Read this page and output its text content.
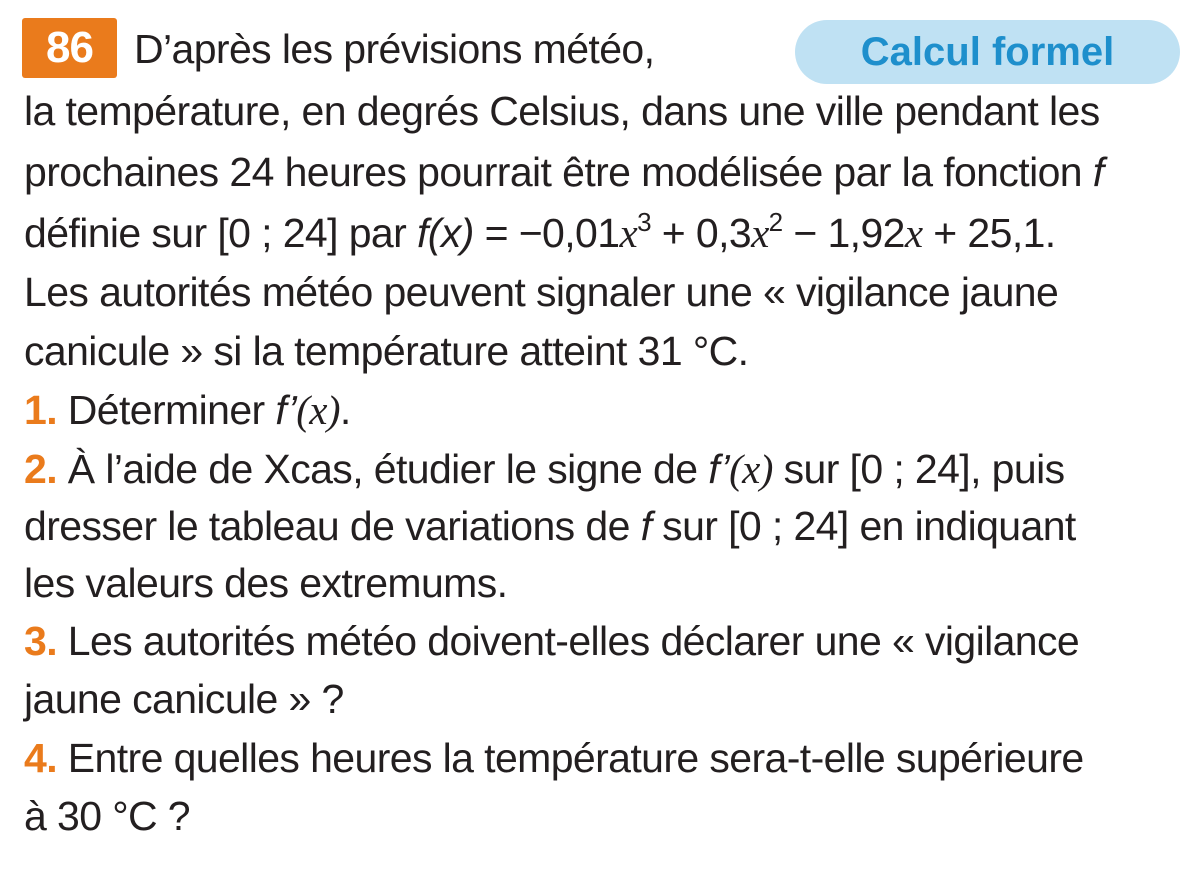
86	Calcul formel
D’après les prévisions météo,
la température, en degrés Celsius, dans une ville pendant les
prochaines 24 heures pourrait être modélisée par la fonction f
définie sur [0 ; 24] par $f(x) = -0,01x^3 + 0,3x^2 - 1,92x + 25,1$.
Les autorités météo peuvent signaler une « vigilance jaune
canicule » si la température atteint 31 °C.
1. Déterminer f’(x).
2. À l’aide de Xcas, étudier le signe de f’(x) sur [0 ; 24], puis
dresser le tableau de variations de f sur [0 ; 24] en indiquant
les valeurs des extremums.
3. Les autorités météo doivent-elles déclarer une « vigilance
jaune canicule » ?
4. Entre quelles heures la température sera-t-elle supérieure
à 30 °C ?
